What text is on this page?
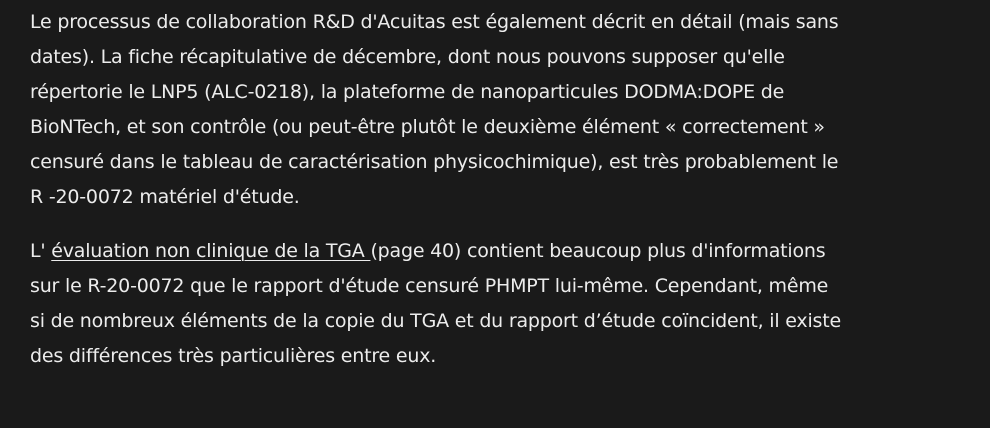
Le processus de collaboration R&D d'Acuitas est également décrit en détail (mais sans
dates). La fiche récapitulative de décembre, dont nous pouvons supposer qu'elle
répertorie le LNP5 (ALC-0218), la plateforme de nanoparticules DODMA:DOPE de
BioNTech, et son contrôle (ou peut-être plutôt le deuxième élément « correctement »
censuré dans le tableau de caractérisation physicochimique), est très probablement le
R -20-0072 matériel d'étude.

L' évaluation non clinique de la TGA (page 40) contient beaucoup plus d'informations
sur le R-20-0072 que le rapport d'étude censuré PHMPT lui-même. Cependant, même
si de nombreux éléments de la copie du TGA et du rapport d’étude coïncident, il existe
des différences très particulières entre eux.
